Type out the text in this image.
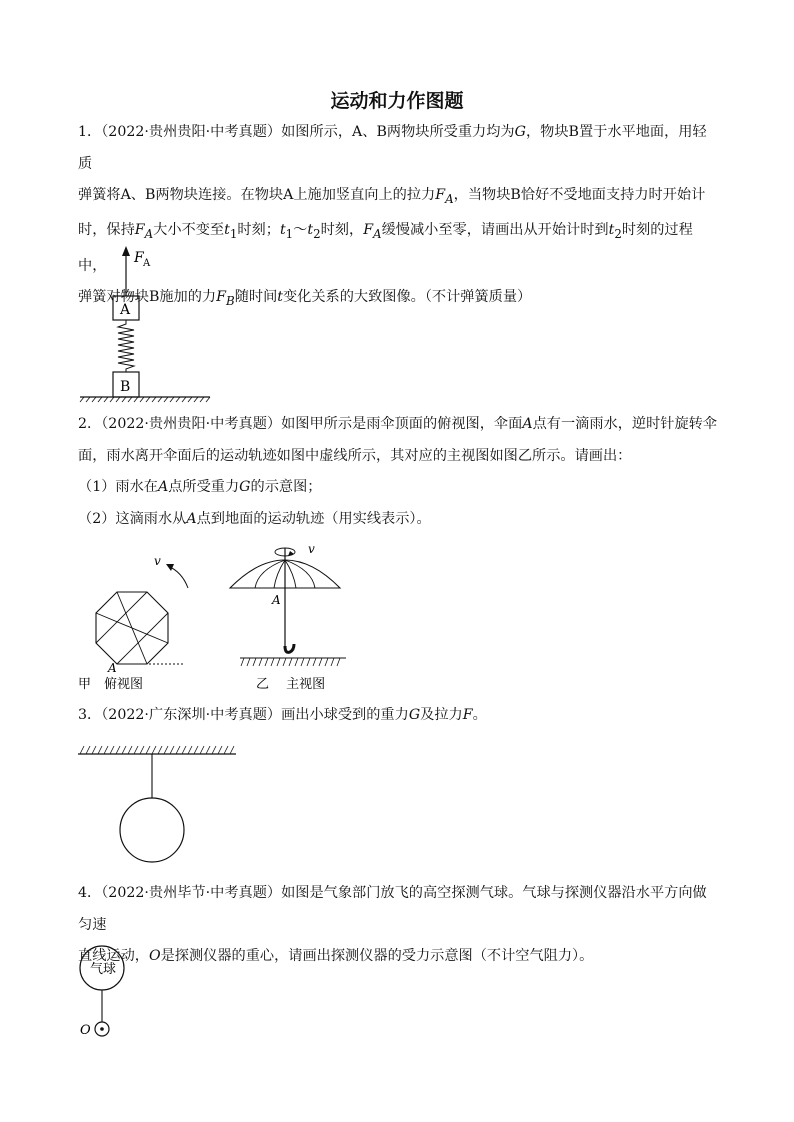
运动和力作图题
1．（2022·贵州贵阳·中考真题）如图所示，A、B两物块所受重力均为G，物块B置于水平地面，用轻质
弹簧将A、B两物块连接。在物块A上施加竖直向上的拉力$F_A$，当物块B恰好不受地面支持力时开始计
时，保持$F_A$大小不变至$t_1$时刻；$t_1\sim t_2$时刻，$F_A$缓慢减小至零，请画出从开始计时到$t_2$时刻的过程中，
弹簧对物块B施加的力$F_B$随时间t变化关系的大致图像。（不计弹簧质量）
F A
A
B
2．（2022·贵州贵阳·中考真题）如图甲所示是雨伞顶面的俯视图，伞面A点有一滴雨水，逆时针旋转伞
面，雨水离开伞面后的运动轨迹如图中虚线所示，其对应的主视图如图乙所示。请画出：
（1）雨水在A点所受重力G的示意图；
（2）这滴雨水从A点到地面的运动轨迹（用实线表示）。
v
A
甲　俯视图
v
A
乙　 主视图
3．（2022·广东深圳·中考真题）画出小球受到的重力G及拉力F。
4．（2022·贵州毕节·中考真题）如图是气象部门放飞的高空探测气球。气球与探测仪器沿水平方向做匀速
直线运动，O是探测仪器的重心，请画出探测仪器的受力示意图（不计空气阻力）。
气球
O
